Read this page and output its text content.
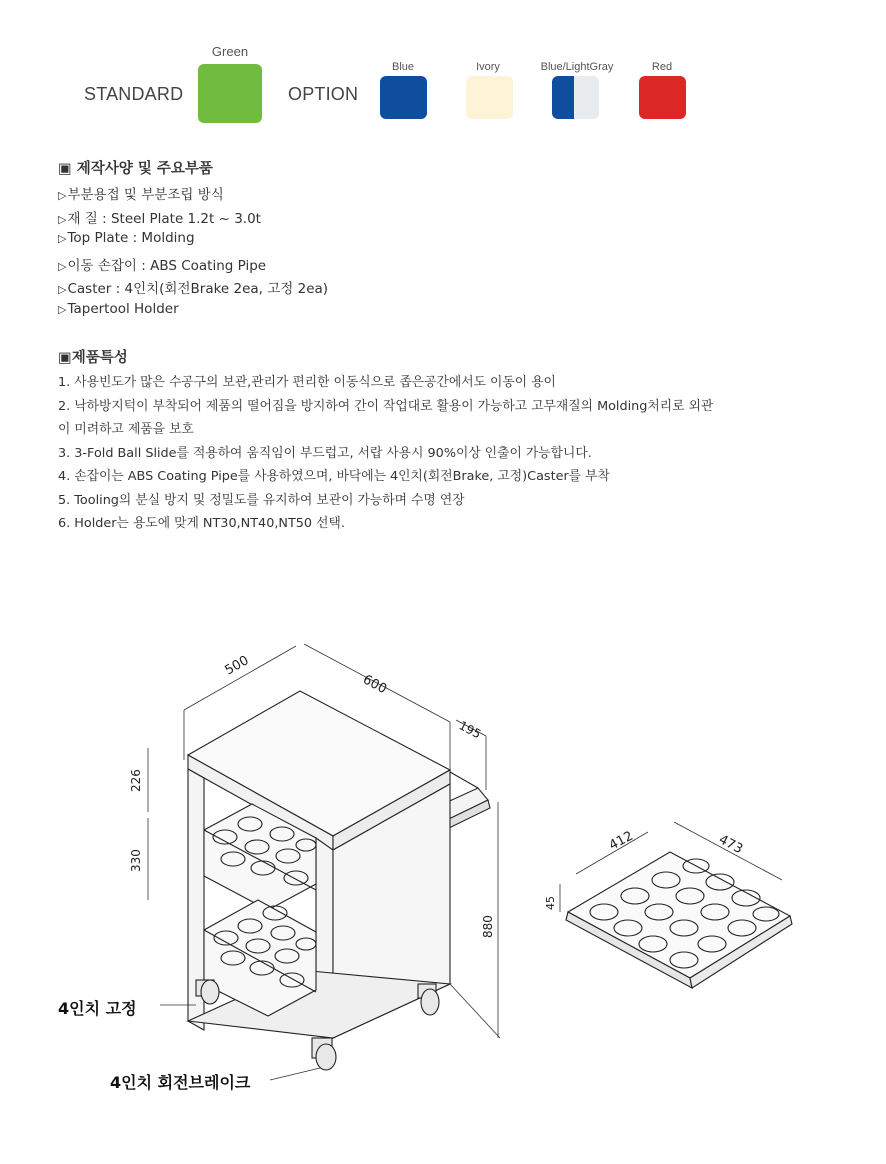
STANDARD
Green
OPTION
Blue	Ivory	Blue/LightGray	Red
▣ 제작사양 및 주요부품
▷부분용접 및 부분조립 방식
▷재 질 : Steel Plate 1.2t ~ 3.0t
▷Top Plate : Molding
▷이동 손잡이 : ABS Coating Pipe
▷Caster : 4인치(회전Brake 2ea, 고정 2ea)
▷Tapertool Holder
▣제품특성
1. 사용빈도가 많은 수공구의 보관,관리가 편리한 이동식으로 좁은공간에서도 이동이 용이
2. 낙하방지턱이 부착되어 제품의 떨어짐을 방지하여 간이 작업대로 활용이 가능하고 고무재질의 Molding처리로 외관
이 미려하고 제품을 보호
3. 3-Fold Ball Slide를 적용하여 움직임이 부드럽고, 서랍 사용시 90%이상 인출이 가능합니다.
4. 손잡이는 ABS Coating Pipe를 사용하였으며, 바닥에는 4인치(회전Brake, 고정)Caster를 부착
5. Tooling의 분실 방지 및 정밀도를 유지하여 보관이 가능하며 수명 연장
6. Holder는 용도에 맞게 NT30,NT40,NT50 선택.
500
600
195
226
330
880
412	473
45
4인치 고정
4인치 회전브레이크
